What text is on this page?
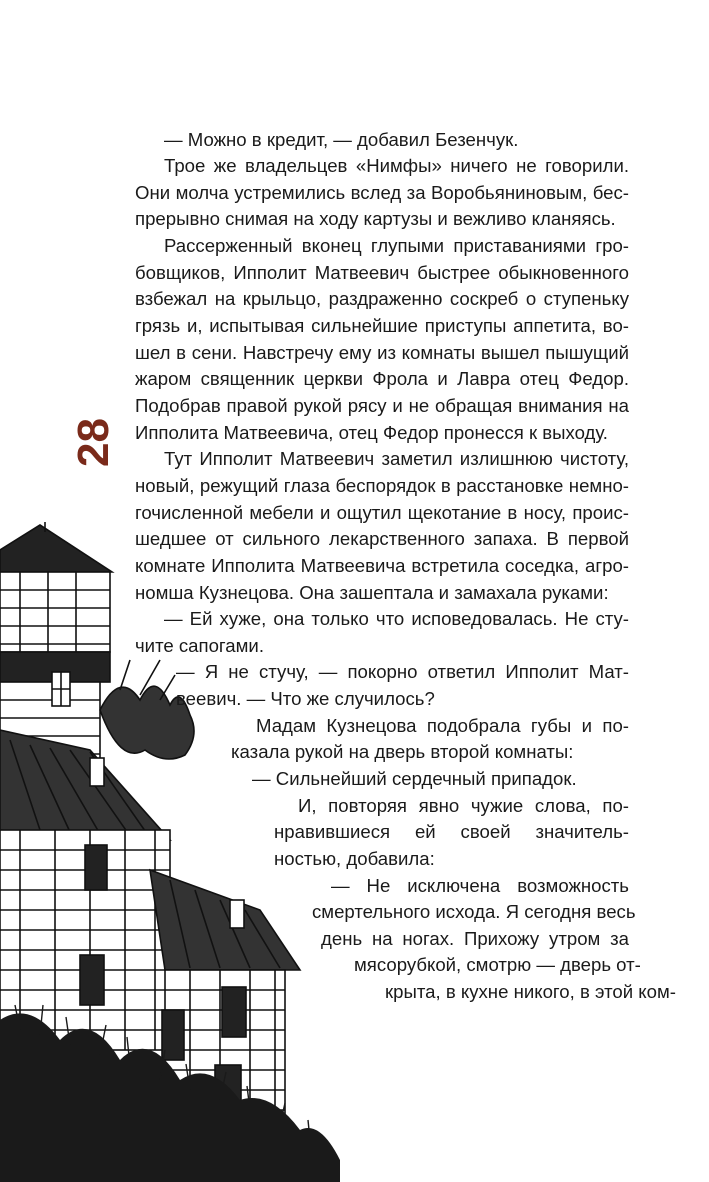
28
— Можно в кредит, — добавил Безенчук.
Трое же владельцев «Нимфы» ничего не говорили.
Они молча устремились вслед за Воробьяниновым, бес-
прерывно снимая на ходу картузы и вежливо кланяясь.
Рассерженный вконец глупыми приставаниями гро-
бовщиков, Ипполит Матвеевич быстрее обыкновенного
взбежал на крыльцо, раздраженно соскреб о ступеньку
грязь и, испытывая сильнейшие приступы аппетита, во-
шел в сени. Навстречу ему из комнаты вышел пышущий
жаром священник церкви Фрола и Лавра отец Федор.
Подобрав правой рукой рясу и не обращая внимания на
Ипполита Матвеевича, отец Федор пронесся к выходу.
Тут Ипполит Матвеевич заметил излишнюю чистоту,
новый, режущий глаза беспорядок в расстановке немно-
гочисленной мебели и ощутил щекотание в носу, проис-
шедшее от сильного лекарственного запаха. В первой
комнате Ипполита Матвеевича встретила соседка, агро-
номша Кузнецова. Она зашептала и замахала руками:
— Ей хуже, она только что исповедовалась. Не сту-
чите сапогами.
— Я не стучу, — покорно ответил Ипполит Мат-
веевич. — Что же случилось?
Мадам Кузнецова подобрала губы и по-
казала рукой на дверь второй комнаты:
— Сильнейший сердечный припадок.
И, повторяя явно чужие слова, по-
нравившиеся ей своей значитель-
ностью, добавила:
— Не исключена возможность
смертельного исхода. Я сегодня весь
день на ногах. Прихожу утром за
мясорубкой, смотрю — дверь от-
крыта, в кухне никого, в этой ком-
